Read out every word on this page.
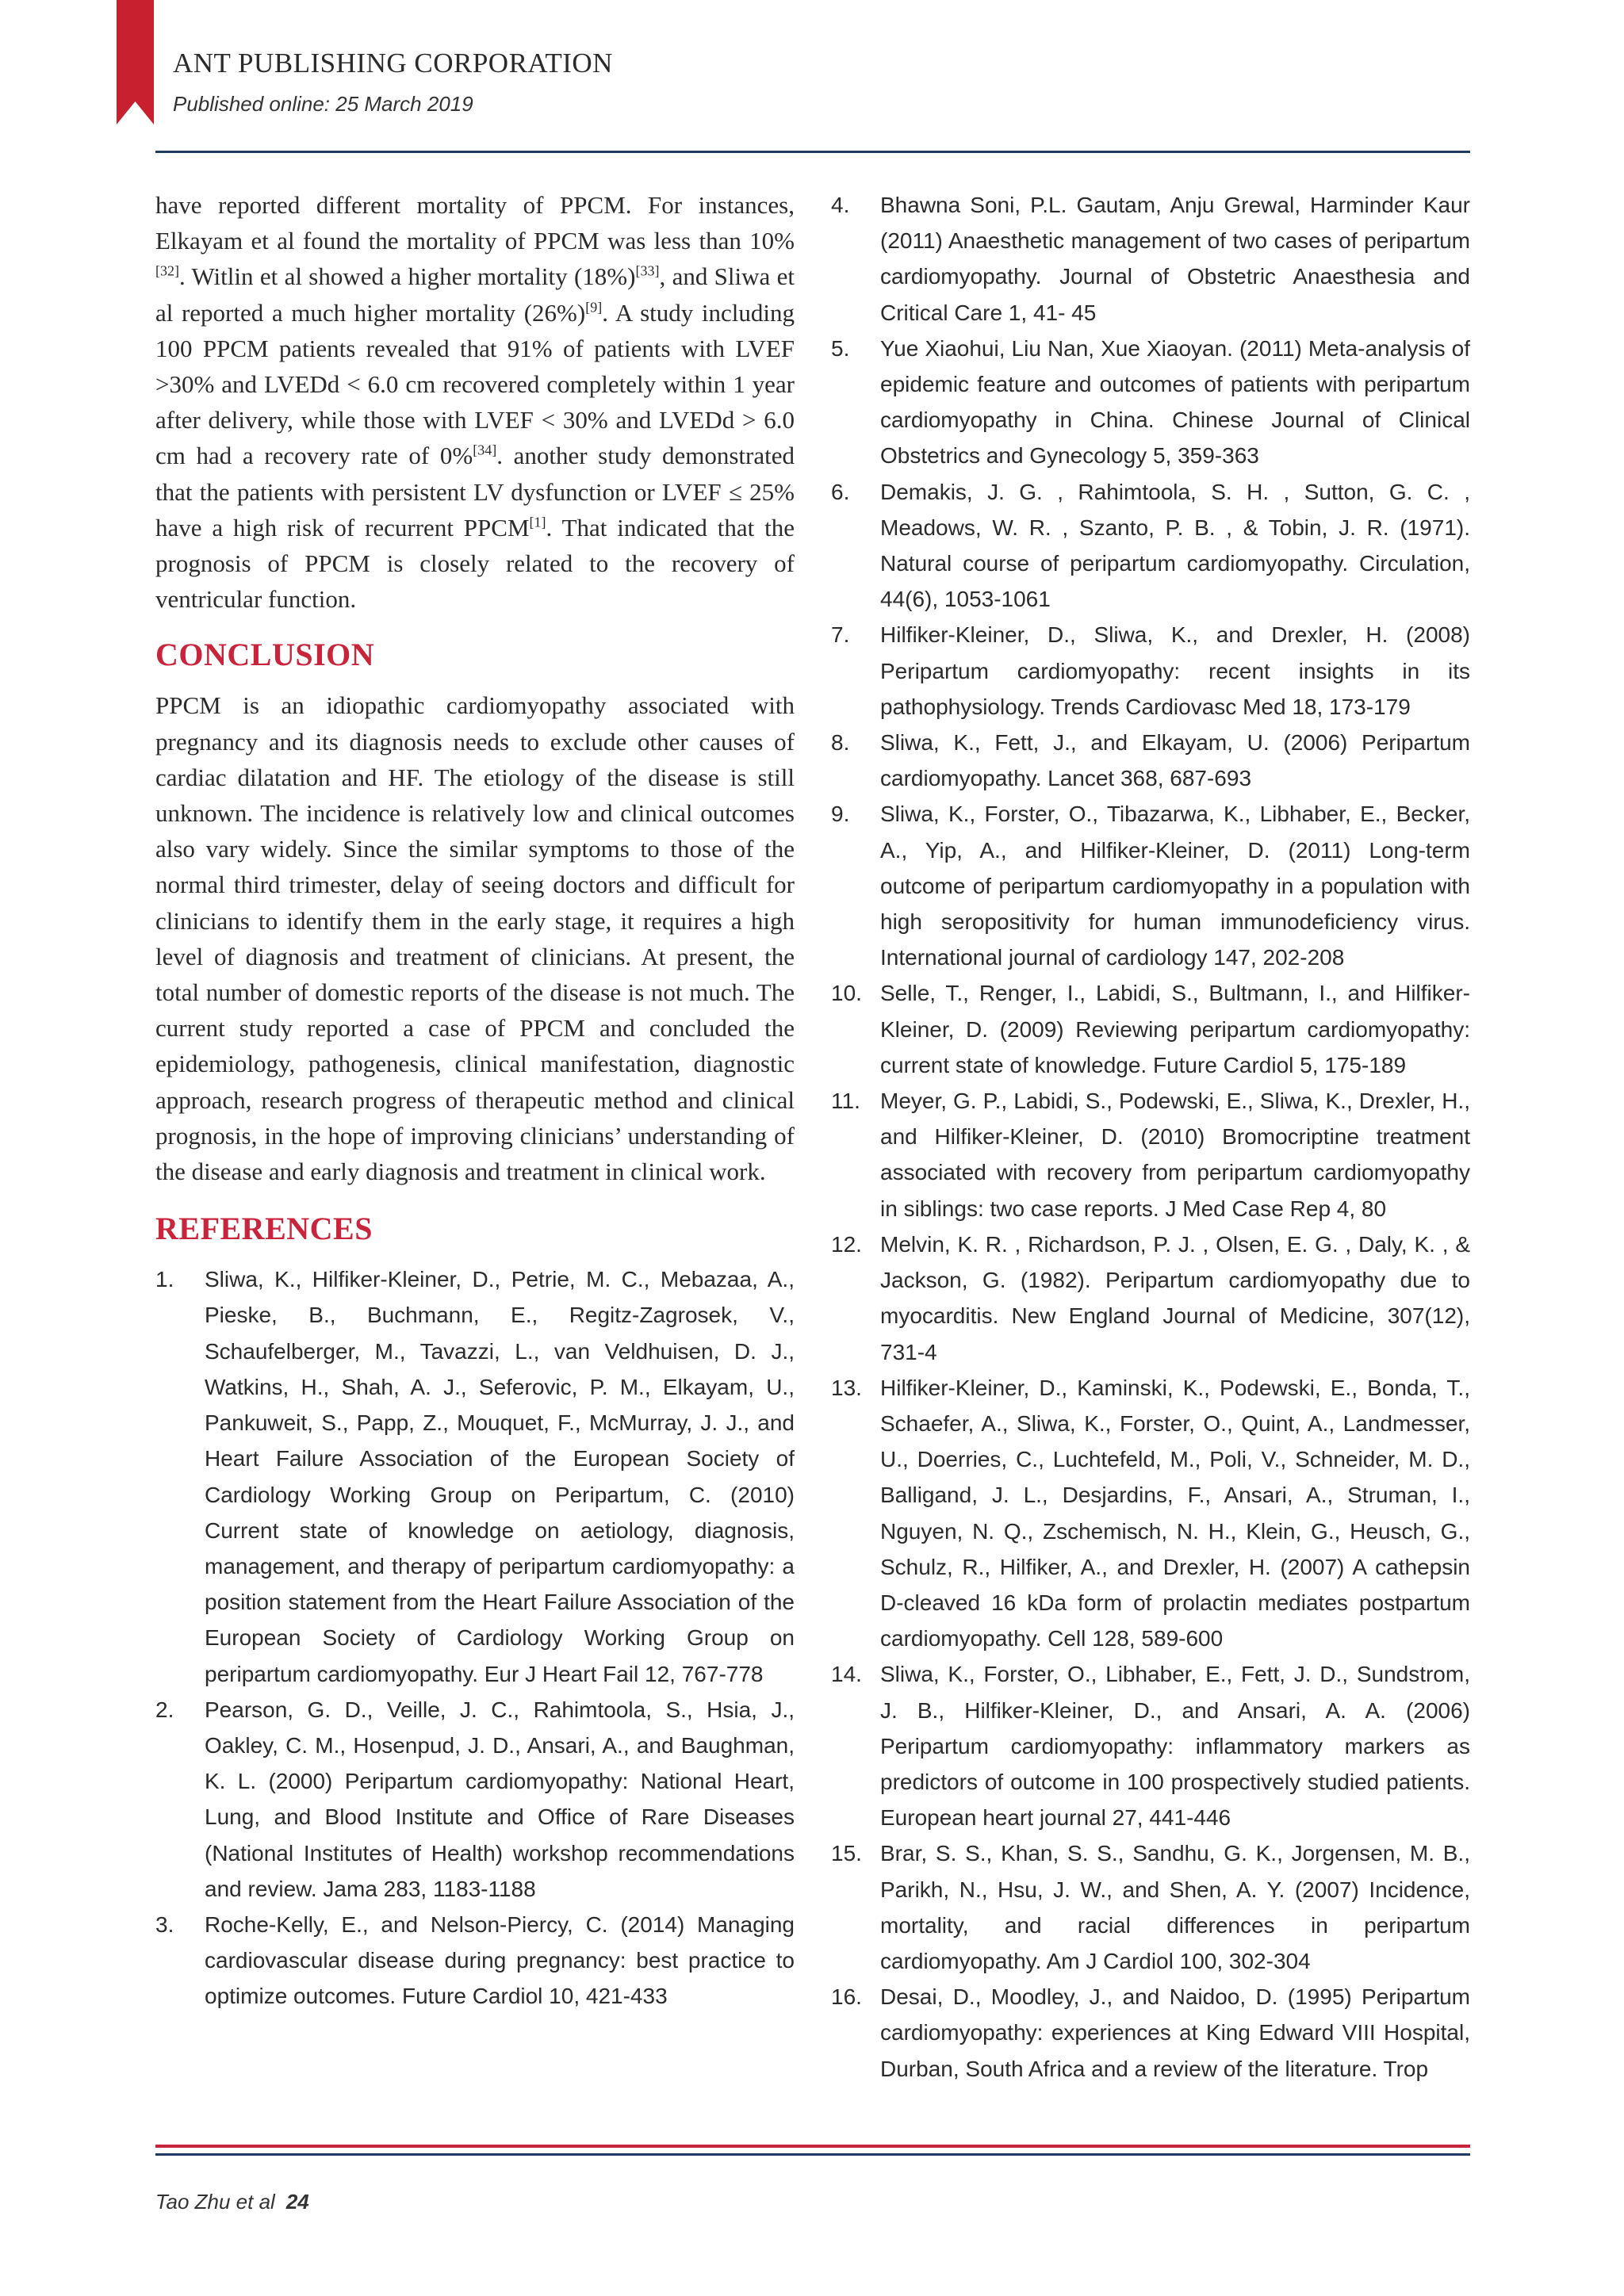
ANT PUBLISHING CORPORATION
Published online: 25 March 2019

have reported different mortality of PPCM. For instances, Elkayam et al found the mortality of PPCM was less than 10%[32]. Witlin et al showed a higher mortality (18%)[33], and Sliwa et al reported a much higher mortality (26%)[9]. A study including 100 PPCM patients revealed that 91% of patients with LVEF >30% and LVEDd < 6.0 cm recovered completely within 1 year after delivery, while those with LVEF < 30% and LVEDd > 6.0 cm had a recovery rate of 0%[34]. another study demonstrated that the patients with persistent LV dysfunction or LVEF ≤ 25% have a high risk of recurrent PPCM[1]. That indicated that the prognosis of PPCM is closely related to the recovery of ventricular function.

CONCLUSION

PPCM is an idiopathic cardiomyopathy associated with pregnancy and its diagnosis needs to exclude other causes of cardiac dilatation and HF. The etiology of the disease is still unknown. The incidence is relatively low and clinical outcomes also vary widely. Since the similar symptoms to those of the normal third trimester, delay of seeing doctors and difficult for clinicians to identify them in the early stage, it requires a high level of diagnosis and treatment of clinicians. At present, the total number of domestic reports of the disease is not much. The current study reported a case of PPCM and concluded the epidemiology, pathogenesis, clinical manifestation, diagnostic approach, research progress of therapeutic method and clinical prognosis, in the hope of improving clinicians’ understanding of the disease and early diagnosis and treatment in clinical work.

REFERENCES
1. Sliwa, K., Hilfiker-Kleiner, D., Petrie, M. C., Mebazaa, A., Pieske, B., Buchmann, E., Regitz-Zagrosek, V., Schaufelberger, M., Tavazzi, L., van Veldhuisen, D. J., Watkins, H., Shah, A. J., Seferovic, P. M., Elkayam, U., Pankuweit, S., Papp, Z., Mouquet, F., McMurray, J. J., and Heart Failure Association of the European Society of Cardiology Working Group on Peripartum, C. (2010) Current state of knowledge on aetiology, diagnosis, management, and therapy of peripartum cardiomyopathy: a position statement from the Heart Failure Association of the European Society of Cardiology Working Group on peripartum cardiomyopathy. Eur J Heart Fail 12, 767-778
2. Pearson, G. D., Veille, J. C., Rahimtoola, S., Hsia, J., Oakley, C. M., Hosenpud, J. D., Ansari, A., and Baughman, K. L. (2000) Peripartum cardiomyopathy: National Heart, Lung, and Blood Institute and Office of Rare Diseases (National Institutes of Health) workshop recommendations and review. Jama 283, 1183-1188
3. Roche-Kelly, E., and Nelson-Piercy, C. (2014) Managing cardiovascular disease during pregnancy: best practice to optimize outcomes. Future Cardiol 10, 421-433
4. Bhawna Soni, P.L. Gautam, Anju Grewal, Harminder Kaur (2011) Anaesthetic management of two cases of peripartum cardiomyopathy. Journal of Obstetric Anaesthesia and Critical Care 1, 41- 45
5. Yue Xiaohui, Liu Nan, Xue Xiaoyan. (2011) Meta-analysis of epidemic feature and outcomes of patients with peripartum cardiomyopathy in China. Chinese Journal of Clinical Obstetrics and Gynecology 5, 359-363
6. Demakis, J. G. , Rahimtoola, S. H. , Sutton, G. C. , Meadows, W. R. , Szanto, P. B. , & Tobin, J. R. (1971). Natural course of peripartum cardiomyopathy. Circulation, 44(6), 1053-1061
7. Hilfiker-Kleiner, D., Sliwa, K., and Drexler, H. (2008) Peripartum cardiomyopathy: recent insights in its pathophysiology. Trends Cardiovasc Med 18, 173-179
8. Sliwa, K., Fett, J., and Elkayam, U. (2006) Peripartum cardiomyopathy. Lancet 368, 687-693
9. Sliwa, K., Forster, O., Tibazarwa, K., Libhaber, E., Becker, A., Yip, A., and Hilfiker-Kleiner, D. (2011) Long-term outcome of peripartum cardiomyopathy in a population with high seropositivity for human immunodeficiency virus. International journal of cardiology 147, 202-208
10. Selle, T., Renger, I., Labidi, S., Bultmann, I., and Hilfiker-Kleiner, D. (2009) Reviewing peripartum cardiomyopathy: current state of knowledge. Future Cardiol 5, 175-189
11. Meyer, G. P., Labidi, S., Podewski, E., Sliwa, K., Drexler, H., and Hilfiker-Kleiner, D. (2010) Bromocriptine treatment associated with recovery from peripartum cardiomyopathy in siblings: two case reports. J Med Case Rep 4, 80
12. Melvin, K. R. , Richardson, P. J. , Olsen, E. G. , Daly, K. , & Jackson, G. (1982). Peripartum cardiomyopathy due to myocarditis. New England Journal of Medicine, 307(12), 731-4
13. Hilfiker-Kleiner, D., Kaminski, K., Podewski, E., Bonda, T., Schaefer, A., Sliwa, K., Forster, O., Quint, A., Landmesser, U., Doerries, C., Luchtefeld, M., Poli, V., Schneider, M. D., Balligand, J. L., Desjardins, F., Ansari, A., Struman, I., Nguyen, N. Q., Zschemisch, N. H., Klein, G., Heusch, G., Schulz, R., Hilfiker, A., and Drexler, H. (2007) A cathepsin D-cleaved 16 kDa form of prolactin mediates postpartum cardiomyopathy. Cell 128, 589-600
14. Sliwa, K., Forster, O., Libhaber, E., Fett, J. D., Sundstrom, J. B., Hilfiker-Kleiner, D., and Ansari, A. A. (2006) Peripartum cardiomyopathy: inflammatory markers as predictors of outcome in 100 prospectively studied patients. European heart journal 27, 441-446
15. Brar, S. S., Khan, S. S., Sandhu, G. K., Jorgensen, M. B., Parikh, N., Hsu, J. W., and Shen, A. Y. (2007) Incidence, mortality, and racial differences in peripartum cardiomyopathy. Am J Cardiol 100, 302-304
16. Desai, D., Moodley, J., and Naidoo, D. (1995) Peripartum cardiomyopathy: experiences at King Edward VIII Hospital, Durban, South Africa and a review of the literature. Trop
Tao Zhu et al 24
